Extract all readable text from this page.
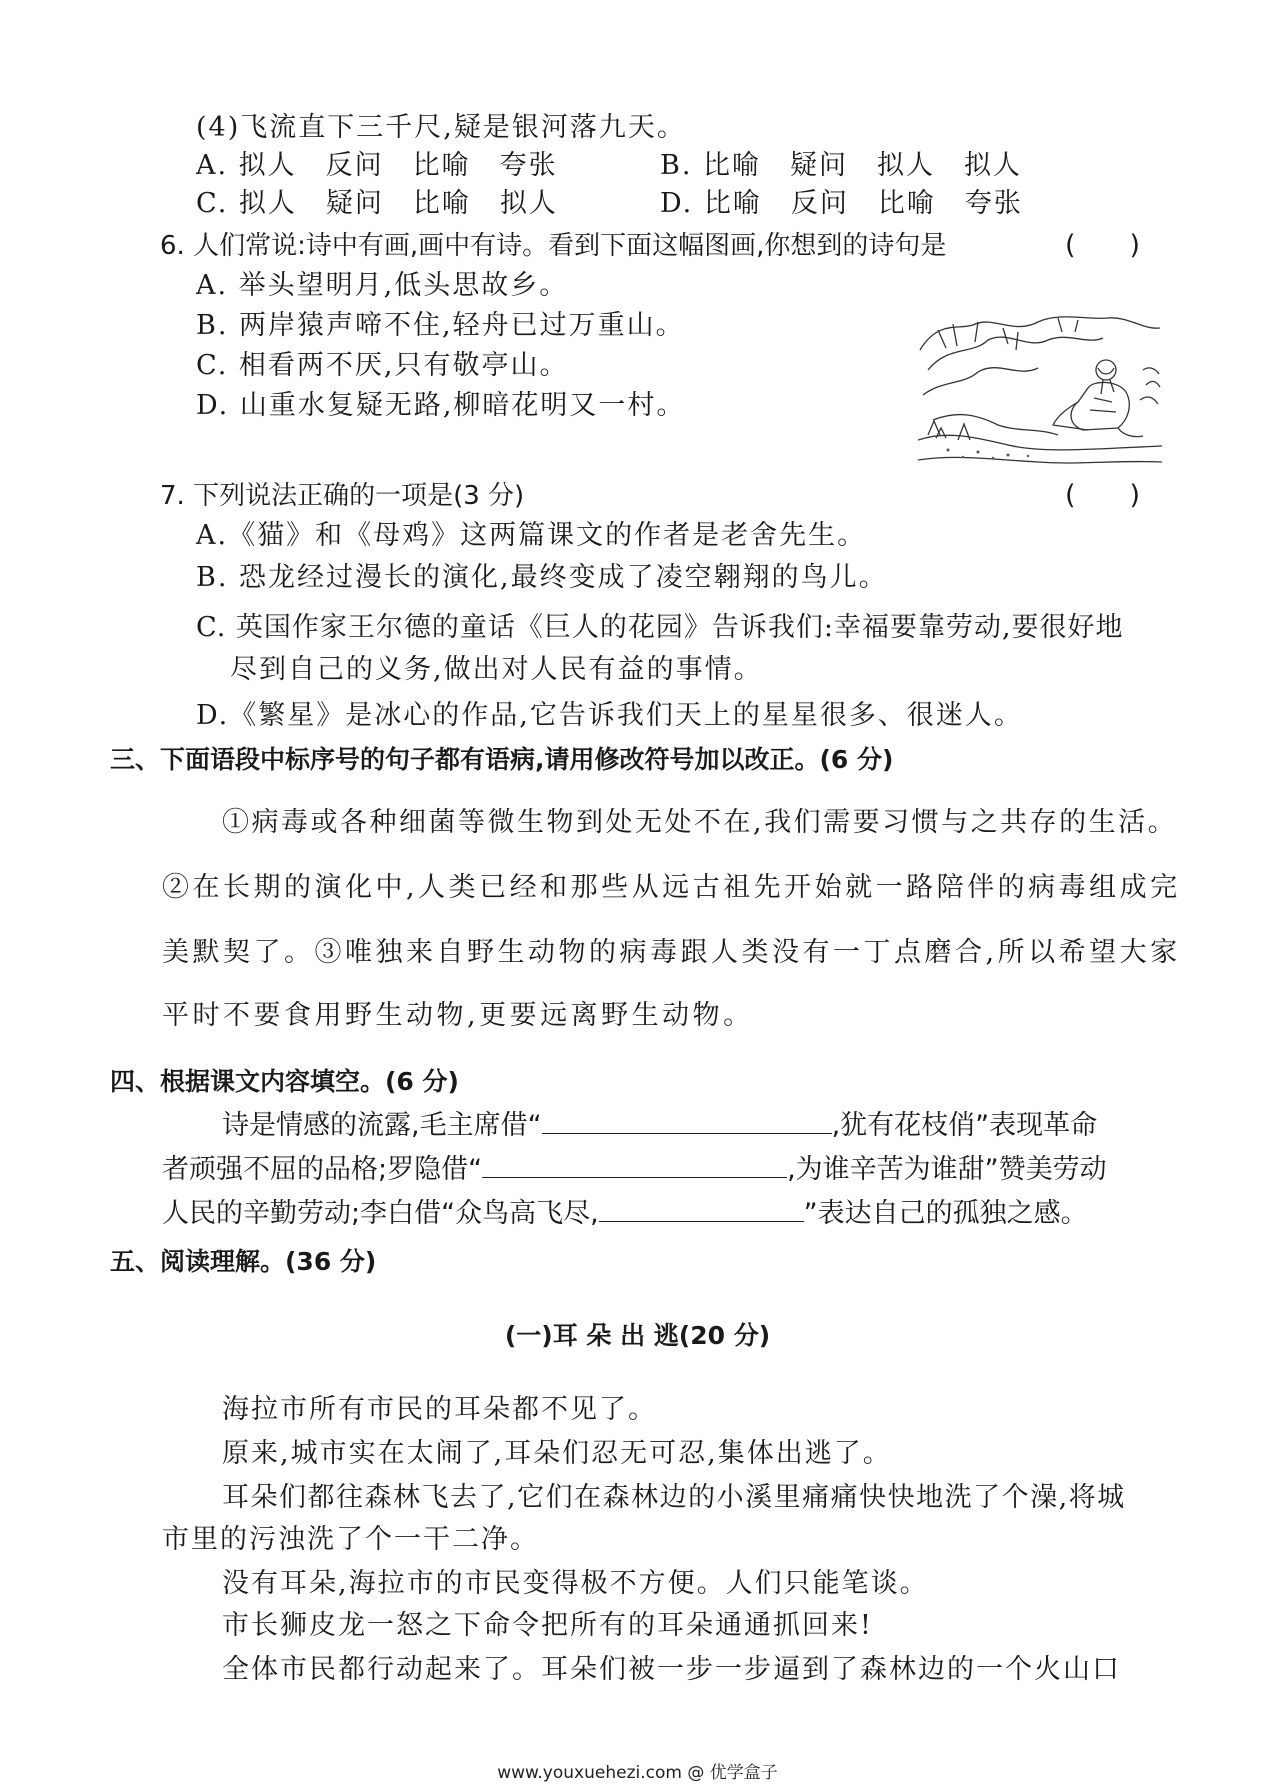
(4)飞流直下三千尺,疑是银河落九天。
A. 拟人　反问　比喻　夸张	B. 比喻　疑问　拟人　拟人
C. 拟人　疑问　比喻　拟人	D. 比喻　反问　比喻　夸张
6. 人们常说:诗中有画,画中有诗。看到下面这幅图画,你想到的诗句是	(　　)
A. 举头望明月,低头思故乡。
B. 两岸猿声啼不住,轻舟已过万重山。
C. 相看两不厌,只有敬亭山。
D. 山重水复疑无路,柳暗花明又一村。
7. 下列说法正确的一项是(3 分)	(　　)
A.《猫》和《母鸡》这两篇课文的作者是老舍先生。
B. 恐龙经过漫长的演化,最终变成了凌空翱翔的鸟儿。
C. 英国作家王尔德的童话《巨人的花园》告诉我们:幸福要靠劳动,要很好地
尽到自己的义务,做出对人民有益的事情。
D.《繁星》是冰心的作品,它告诉我们天上的星星很多、很迷人。
三、下面语段中标序号的句子都有语病,请用修改符号加以改正。(6 分)
①病毒或各种细菌等微生物到处无处不在,我们需要习惯与之共存的生活。
②在长期的演化中,人类已经和那些从远古祖先开始就一路陪伴的病毒组成完
美默契了。③唯独来自野生动物的病毒跟人类没有一丁点磨合,所以希望大家
平时不要食用野生动物,更要远离野生动物。
四、根据课文内容填空。(6 分)
诗是情感的流露,毛主席借“	,犹有花枝俏”表现革命
者顽强不屈的品格;罗隐借“	,为谁辛苦为谁甜”赞美劳动
人民的辛勤劳动;李白借“众鸟高飞尽,	”表达自己的孤独之感。
五、阅读理解。(36 分)
(一)耳 朵 出 逃(20 分)
海拉市所有市民的耳朵都不见了。
原来,城市实在太闹了,耳朵们忍无可忍,集体出逃了。
耳朵们都往森林飞去了,它们在森林边的小溪里痛痛快快地洗了个澡,将城
市里的污浊洗了个一干二净。
没有耳朵,海拉市的市民变得极不方便。人们只能笔谈。
市长狮皮龙一怒之下命令把所有的耳朵通通抓回来!
全体市民都行动起来了。耳朵们被一步一步逼到了森林边的一个火山口
www.youxuehezi.com @ 优学盒子
